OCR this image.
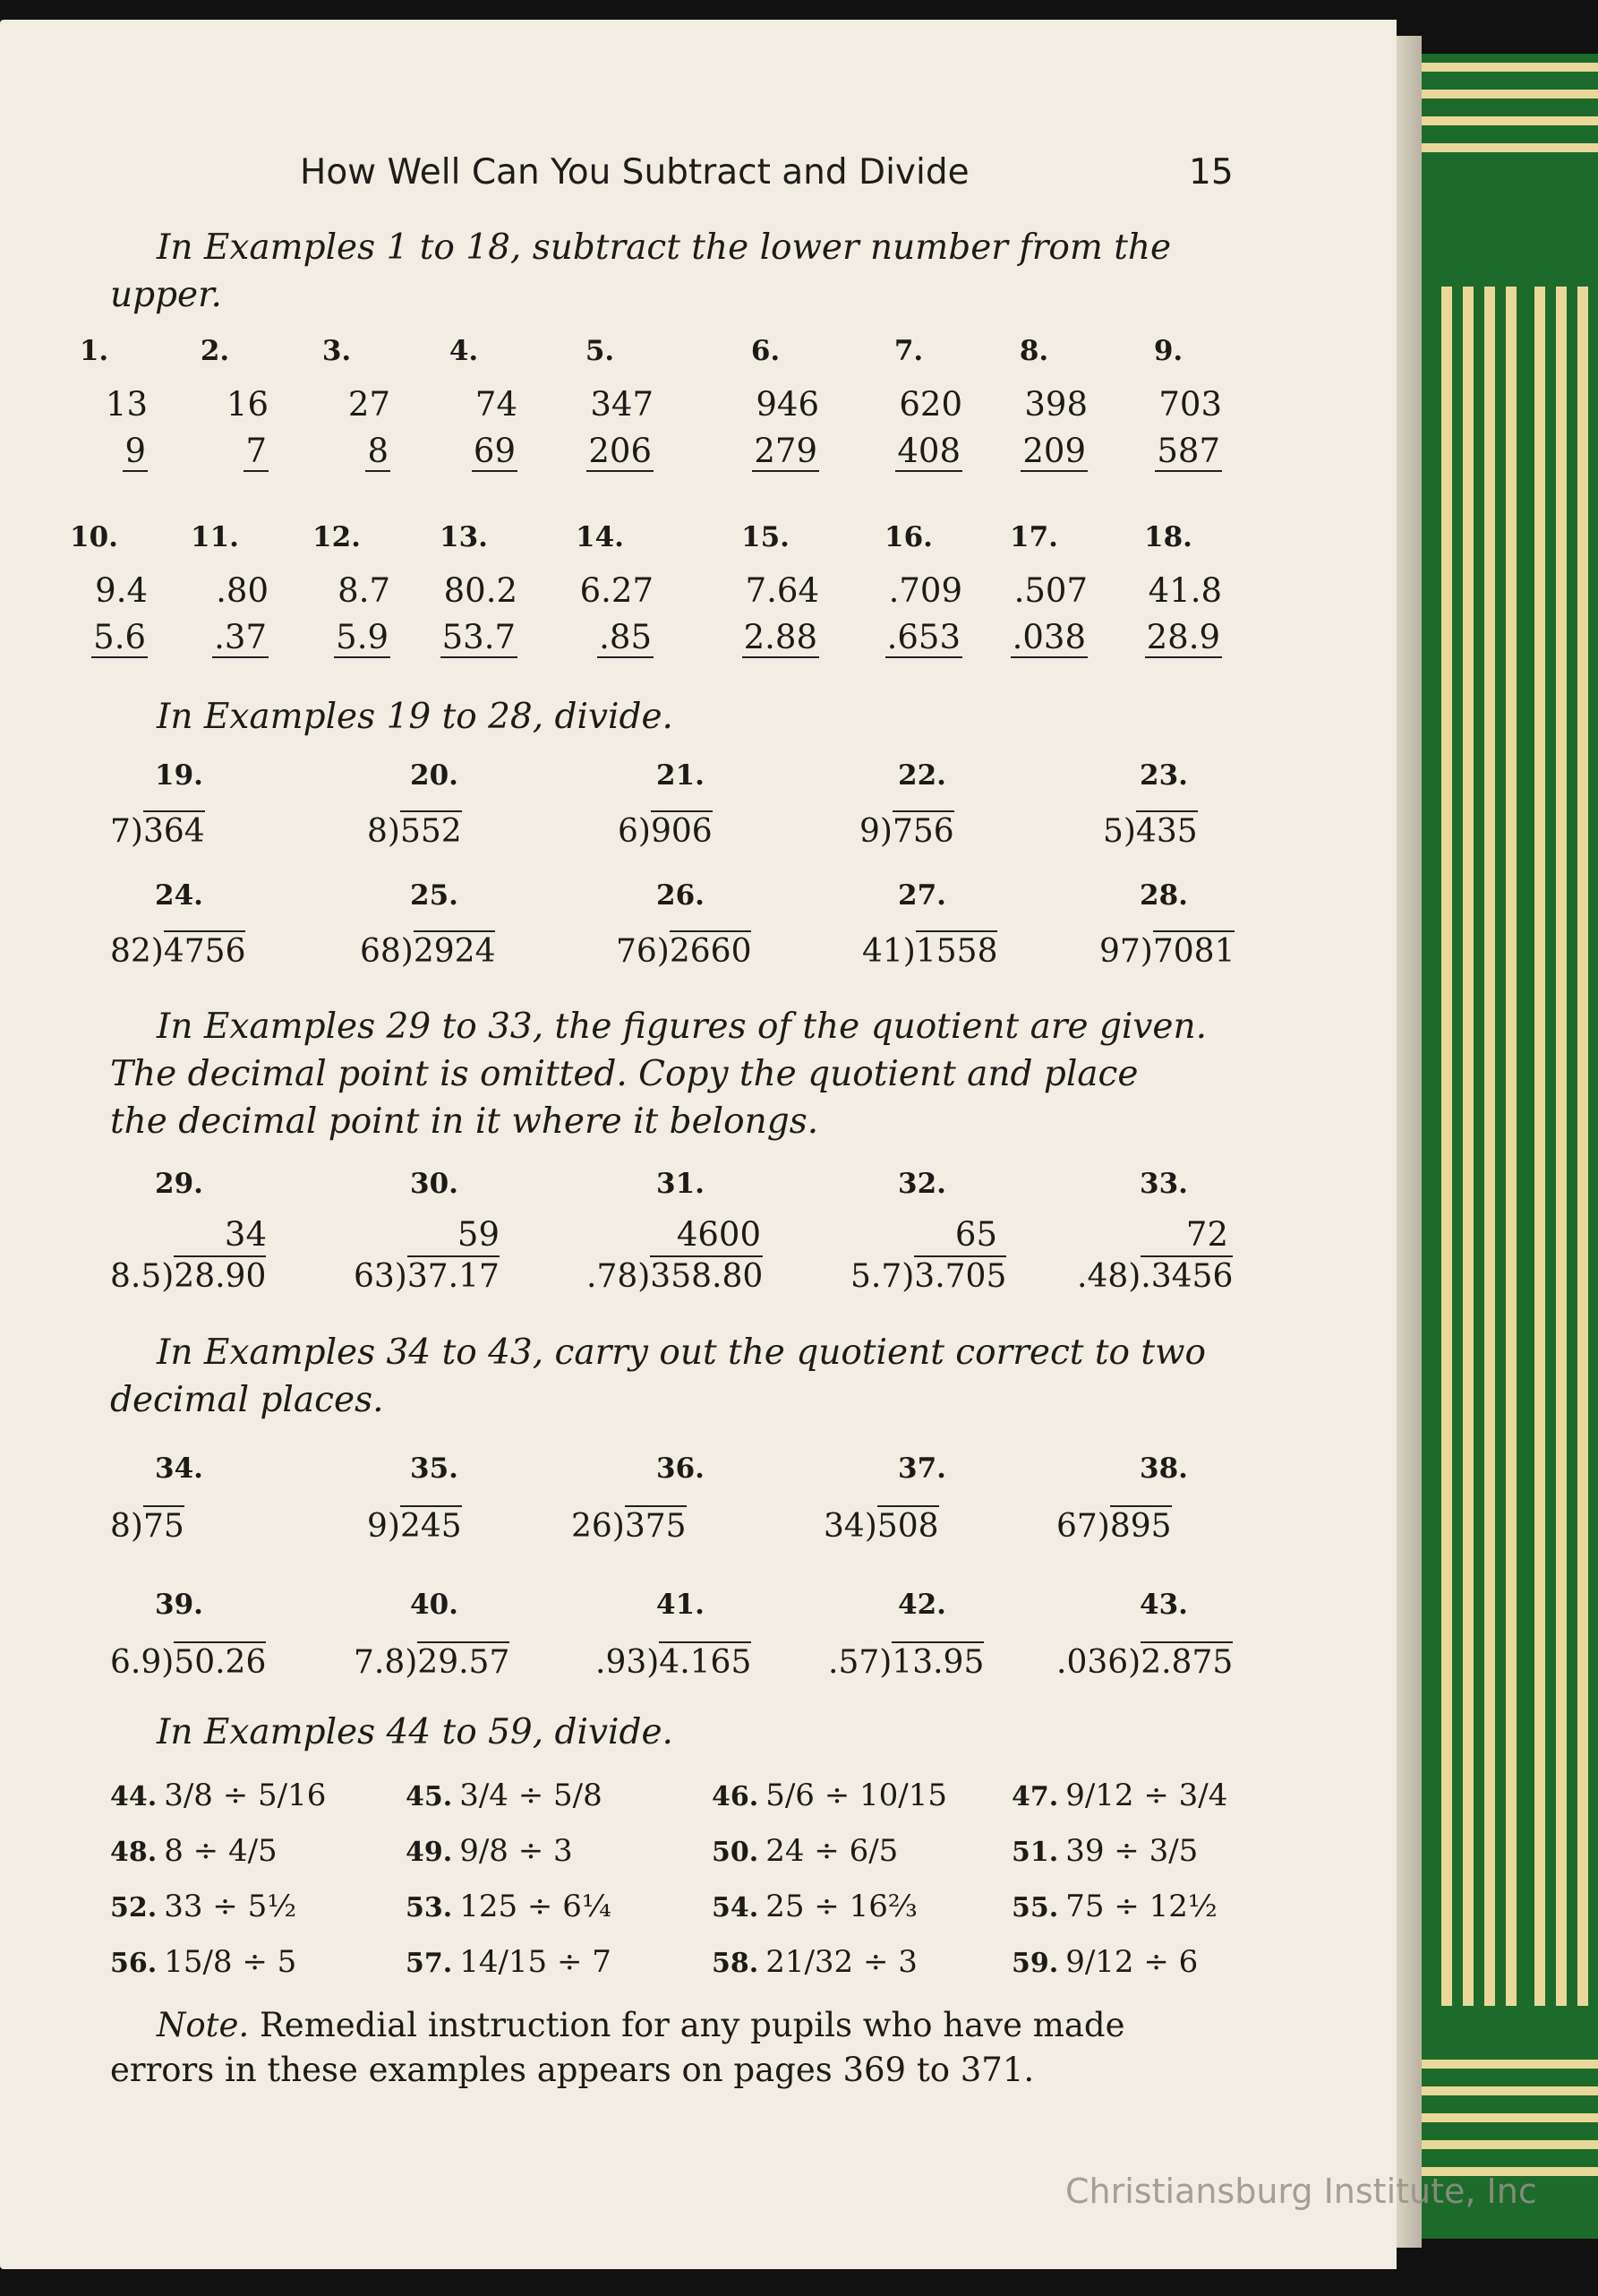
How Well Can You Subtract and Divide	15
In Examples 1 to 18, subtract the lower number from the upper.
1.
13
9
2.
16
7
3.
27
8
4.
74
69
5.
347
206
6.
946
279
7.
620
408
8.
398
209
9.
703
587
10.
9.4
5.6
11.
.80
.37
12.
8.7
5.9
13.
80.2
53.7
14.
6.27
.85
15.
7.64
2.88
16.
.709
.653
17.
.507
.038
18.
41.8
28.9
In Examples 19 to 28, divide.
19.
7)364
20.
8)552
21.
6)906
22.
9)756
23.
5)435
24.
82)4756
25.
68)2924
26.
76)2660
27.
41)1558
28.
97)7081
In Examples 29 to 33, the figures of the quotient are given.
The decimal point is omitted. Copy the quotient and place
the decimal point in it where it belongs.
29.
34
8.5)28.90
30.
59
63)37.17
31.
4600
.78)358.80
32.
65
5.7)3.705
33.
72
.48).3456
In Examples 34 to 43, carry out the quotient correct to two
decimal places.
34.
8)75
35.
9)245
36.
26)375
37.
34)508
38.
67)895
39.
6.9)50.26
40.
7.8)29.57
41.
.93)4.165
42.
.57)13.95
43.
.036)2.875
In Examples 44 to 59, divide.
44. 3/8 ÷ 5/16	45. 3/4 ÷ 5/8	46. 5/6 ÷ 10/15 47. 9/12 ÷ 3/4
48. 8 ÷ 4/5	49. 9/8 ÷ 3	50. 24 ÷ 6/5	51. 39 ÷ 3/5
52. 33 ÷ 5½	53. 125 ÷ 6¼	54. 25 ÷ 16⅔	55. 75 ÷ 12½
56. 15/8 ÷ 5	57. 14/15 ÷ 7	58. 21/32 ÷ 3	59. 9/12 ÷ 6
Note. Remedial instruction for any pupils who have made errors in these examples appears on pages 369 to 371.
Christiansburg Institute, Inc
